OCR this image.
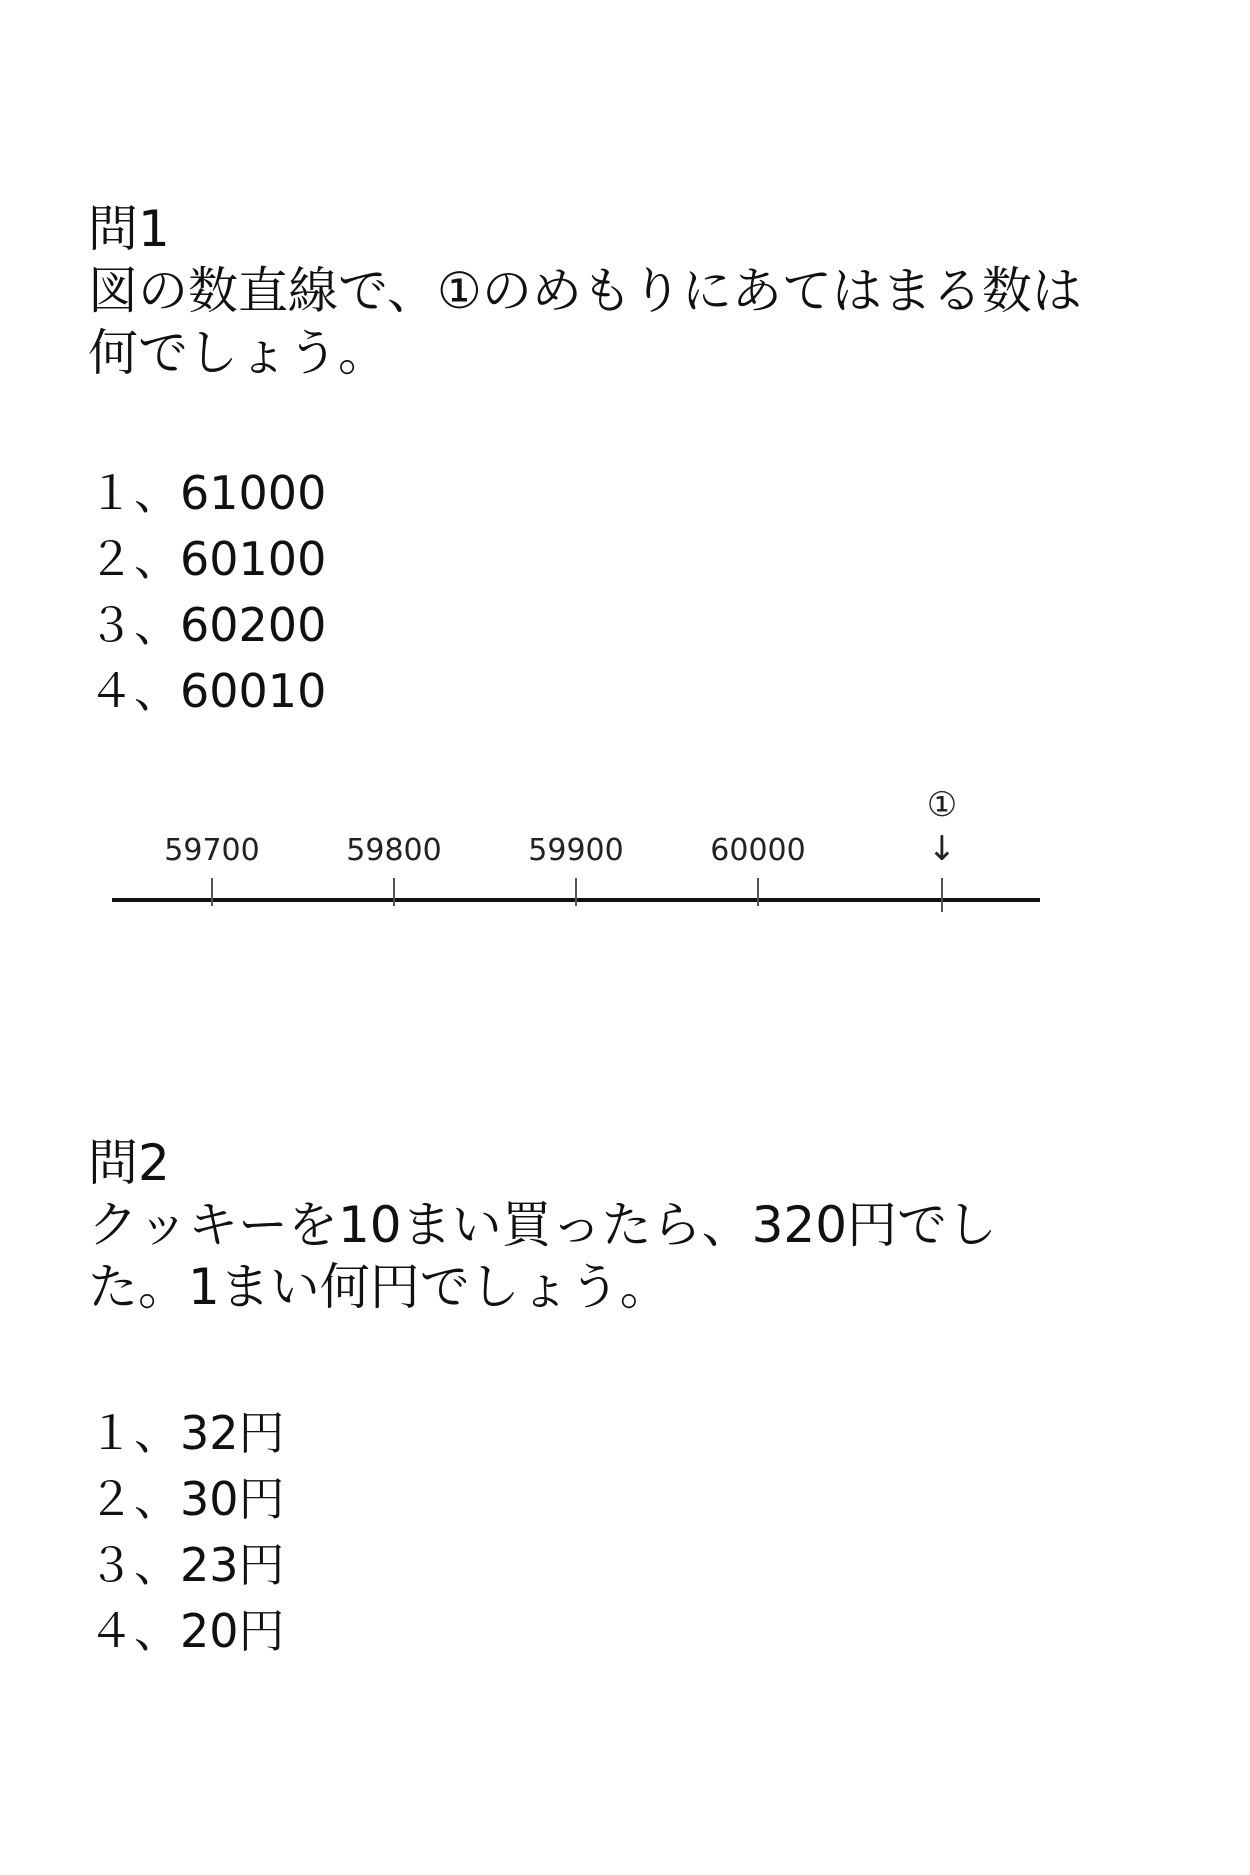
問1

図の数直線で、①のめもりにあてはまる数は何でしょう。

１、61000
２、60100
３、60200
４、60010
59700	59800	59900	60000
①
↓
問2

クッキーを10まい買ったら、320円でした。1まい何円でしょう。

１、32円
２、30円
３、23円
４、20円
